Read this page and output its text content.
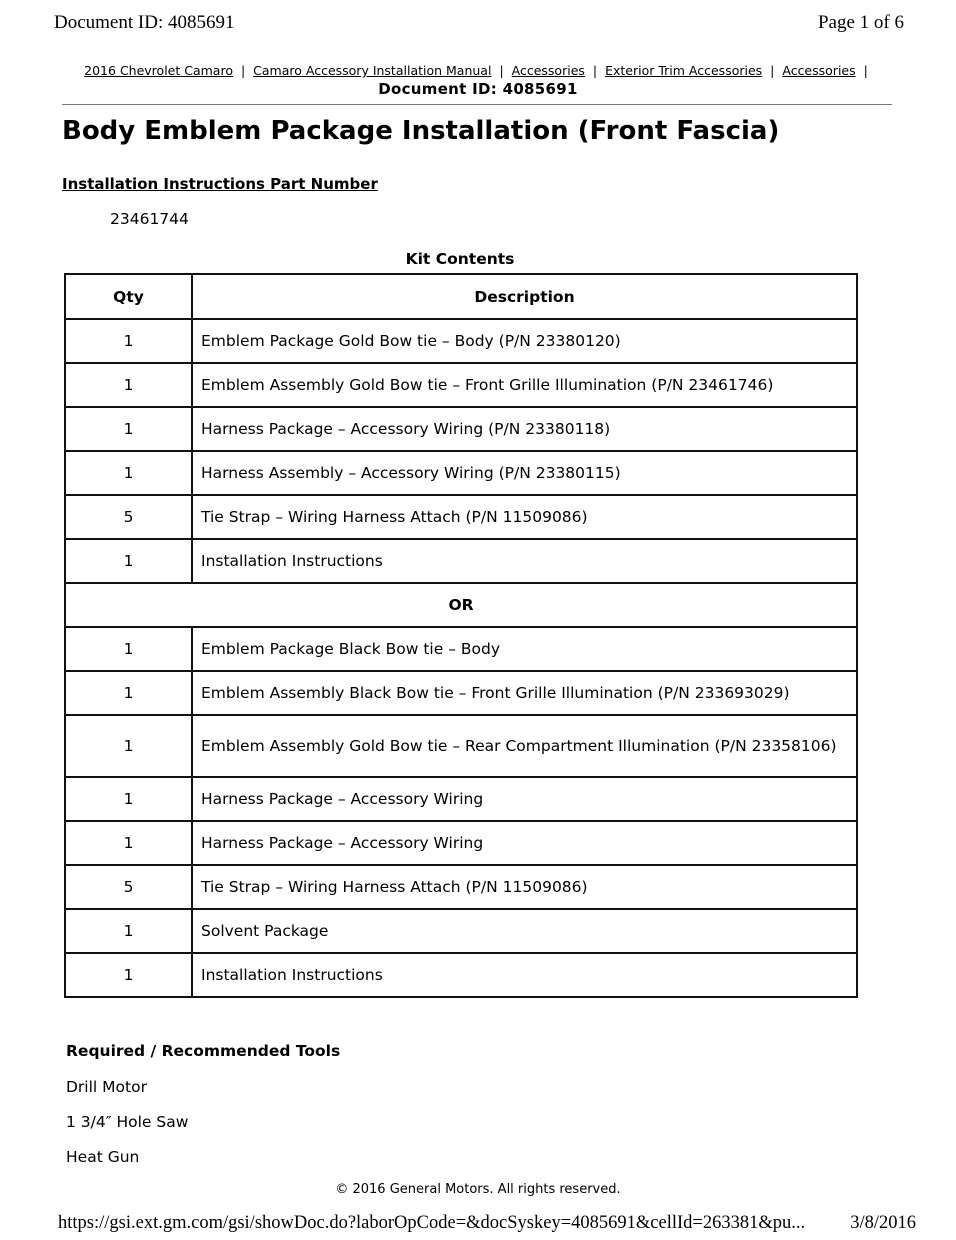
Document ID: 4085691	Page 1 of 6
2016 Chevrolet Camaro | Camaro Accessory Installation Manual | Accessories | Exterior Trim Accessories | Accessories |
Document ID: 4085691
Body Emblem Package Installation (Front Fascia)
Installation Instructions Part Number
23461744
Kit Contents
Qty	Description
1	Emblem Package Gold Bow tie – Body (P/N 23380120)
1	Emblem Assembly Gold Bow tie – Front Grille Illumination (P/N 23461746)
1	Harness Package – Accessory Wiring (P/N 23380118)
1	Harness Assembly – Accessory Wiring (P/N 23380115)
5	Tie Strap – Wiring Harness Attach (P/N 11509086)
1	Installation Instructions
OR	
1	Emblem Package Black Bow tie – Body
1	Emblem Assembly Black Bow tie – Front Grille Illumination (P/N 233693029)
1	Emblem Assembly Gold Bow tie – Rear Compartment Illumination (P/N 23358106)
1	Harness Package – Accessory Wiring
1	Harness Package – Accessory Wiring
5	Tie Strap – Wiring Harness Attach (P/N 11509086)
1	Solvent Package
1	Installation Instructions
Required / Recommended Tools
Drill Motor
1 3/4″ Hole Saw
Heat Gun
© 2016 General Motors. All rights reserved.
https://gsi.ext.gm.com/gsi/showDoc.do?laborOpCode=&docSyskey=4085691&cellId=263381&pu... 3/8/2016
